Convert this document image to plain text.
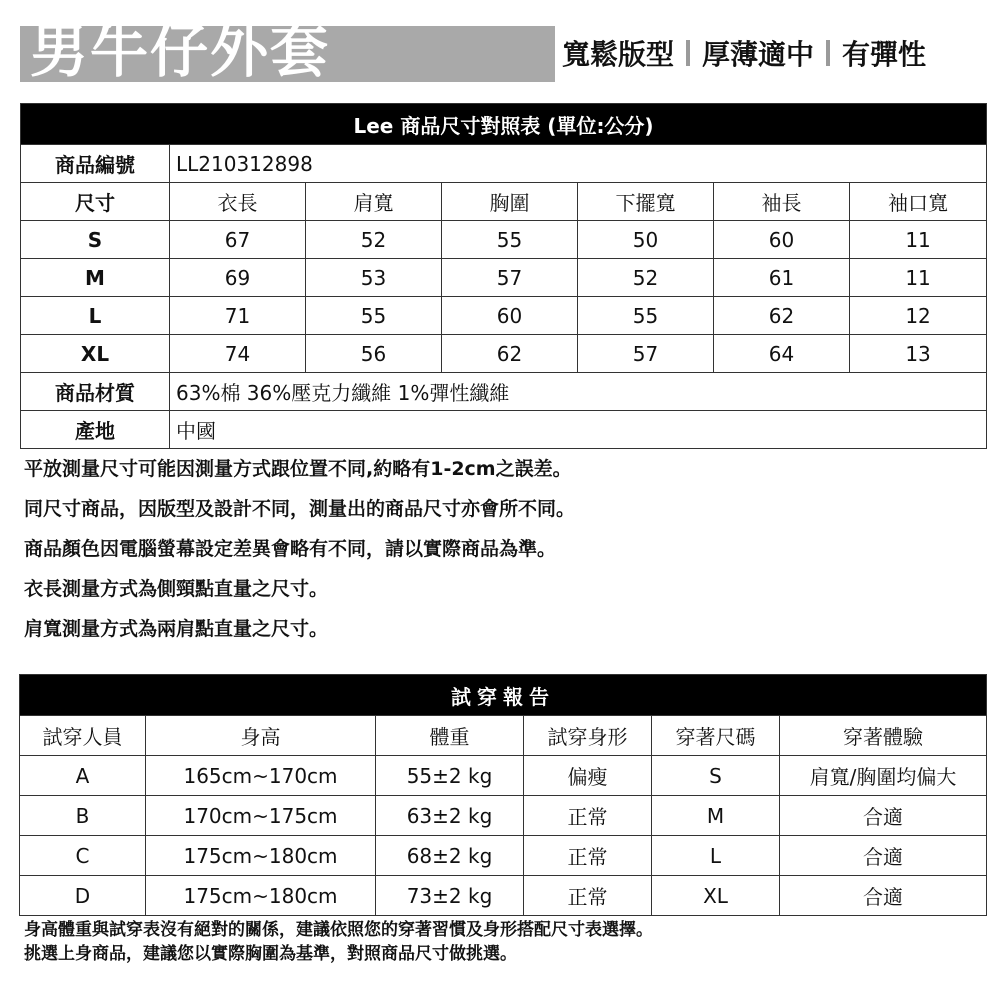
男牛仔外套	寬鬆版型 厚薄適中 有彈性
Lee 商品尺寸對照表 (單位:公分)						
商品編號	LL210312898					
尺寸	衣長	肩寬	胸圍	下擺寬	袖長	袖口寬
S	67	52	55	50	60	11
M	69	53	57	52	61	11
L	71	55	60	55	62	12
XL	74	56	62	57	64	13
商品材質	63%棉 36%壓克力纖維 1%彈性纖維					
產地	中國					
平放測量尺寸可能因測量方式跟位置不同,約略有1-2cm之誤差。
同尺寸商品，因版型及設計不同，測量出的商品尺寸亦會所不同。
商品顏色因電腦螢幕設定差異會略有不同，請以實際商品為準。
衣長測量方式為側頸點直量之尺寸。
肩寬測量方式為兩肩點直量之尺寸。
試穿報告					
試穿人員	身高	體重	試穿身形	穿著尺碼	穿著體驗
A	165cm~170cm	55±2 kg	偏瘦	S	肩寬/胸圍均偏大
B	170cm~175cm	63±2 kg	正常	M	合適
C	175cm~180cm	68±2 kg	正常	L	合適
D	175cm~180cm	73±2 kg	正常	XL	合適
身高體重與試穿表沒有絕對的關係，建議依照您的穿著習慣及身形搭配尺寸表選擇。
挑選上身商品，建議您以實際胸圍為基準，對照商品尺寸做挑選。
